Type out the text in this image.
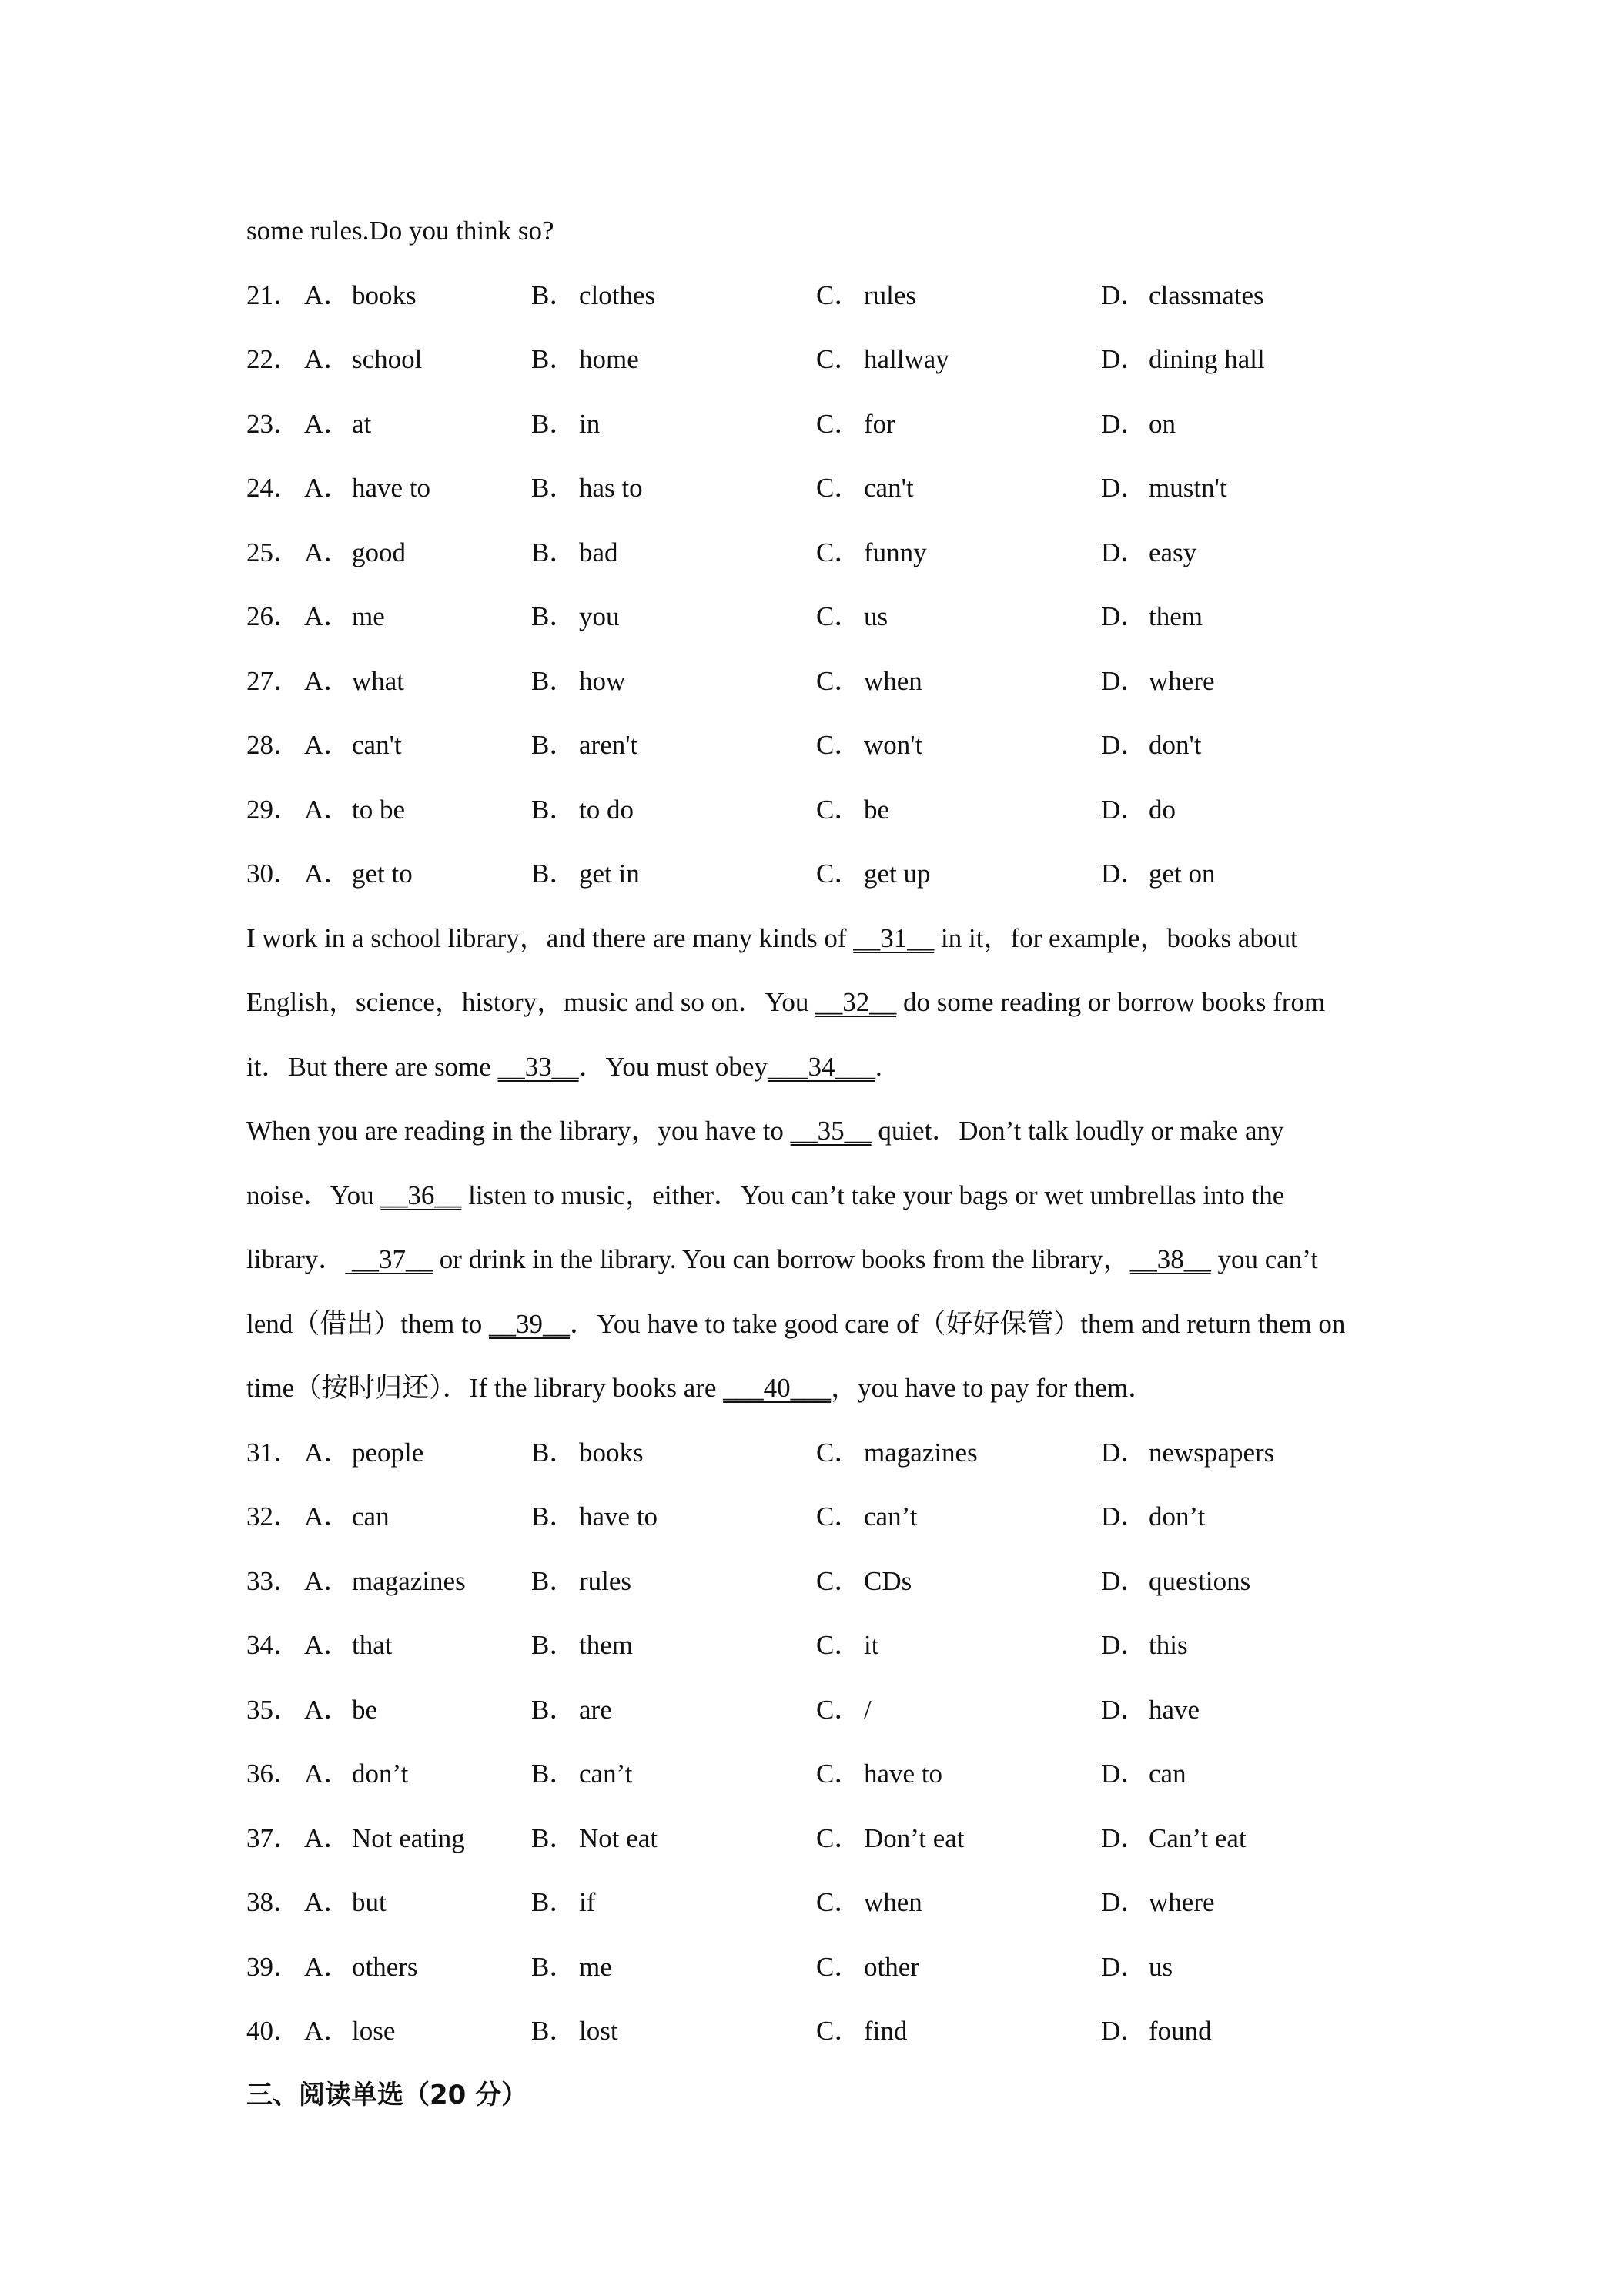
some rules.Do you think so?
21． A．books	B． clothes	C． rules	D．classmates
22． A．school	B． home	C． hallway	D．dining hall
23． A．at	B． in	C． for	D．on
24． A．have to	B． has to	C． can't	D．mustn't
25． A．good	B． bad	C． funny	D．easy
26． A．me	B． you	C． us	D．them
27． A．what	B． how	C． when	D．where
28． A．can't	B． aren't	C． won't	D．don't
29． A．to be	B． to do	C． be	D．do
30． A．get to	B． get in	C． get up	D．get on
I work in a school library，and there are many kinds of __31__ in it，for example，books about
English，science，history，music and so on．You __32__ do some reading or borrow books from
it．But there are some __33__．You must obey___34___.
When you are reading in the library，you have to __35__ quiet．Don’t talk loudly or make any
noise．You __36__ listen to music，either．You can’t take your bags or wet umbrellas into the
library． __37__ or drink in the library. You can borrow books from the library，__38__ you can’t
lend（借出）them to __39__．You have to take good care of（好好保管）them and return them on
time（按时归还）．If the library books are ___40___，you have to pay for them．
31． A．people	B． books	C． magazines	D．newspapers
32． A．can	B． have to	C． can’t	D．don’t
33． A．magazines B． rules	C． CDs	D．questions
34． A．that	B． them	C． it	D．this
35． A．be	B． are	C． /	D．have
36． A．don’t	B． can’t	C． have to	D．can
37． A．Not eating B． Not eat	C． Don’t eat	D．Can’t eat
38． A．but	B． if	C． when	D．where
39． A．others	B． me	C． other	D．us
40． A．lose	B． lost	C． find	D．found
三、阅读单选（20 分）
